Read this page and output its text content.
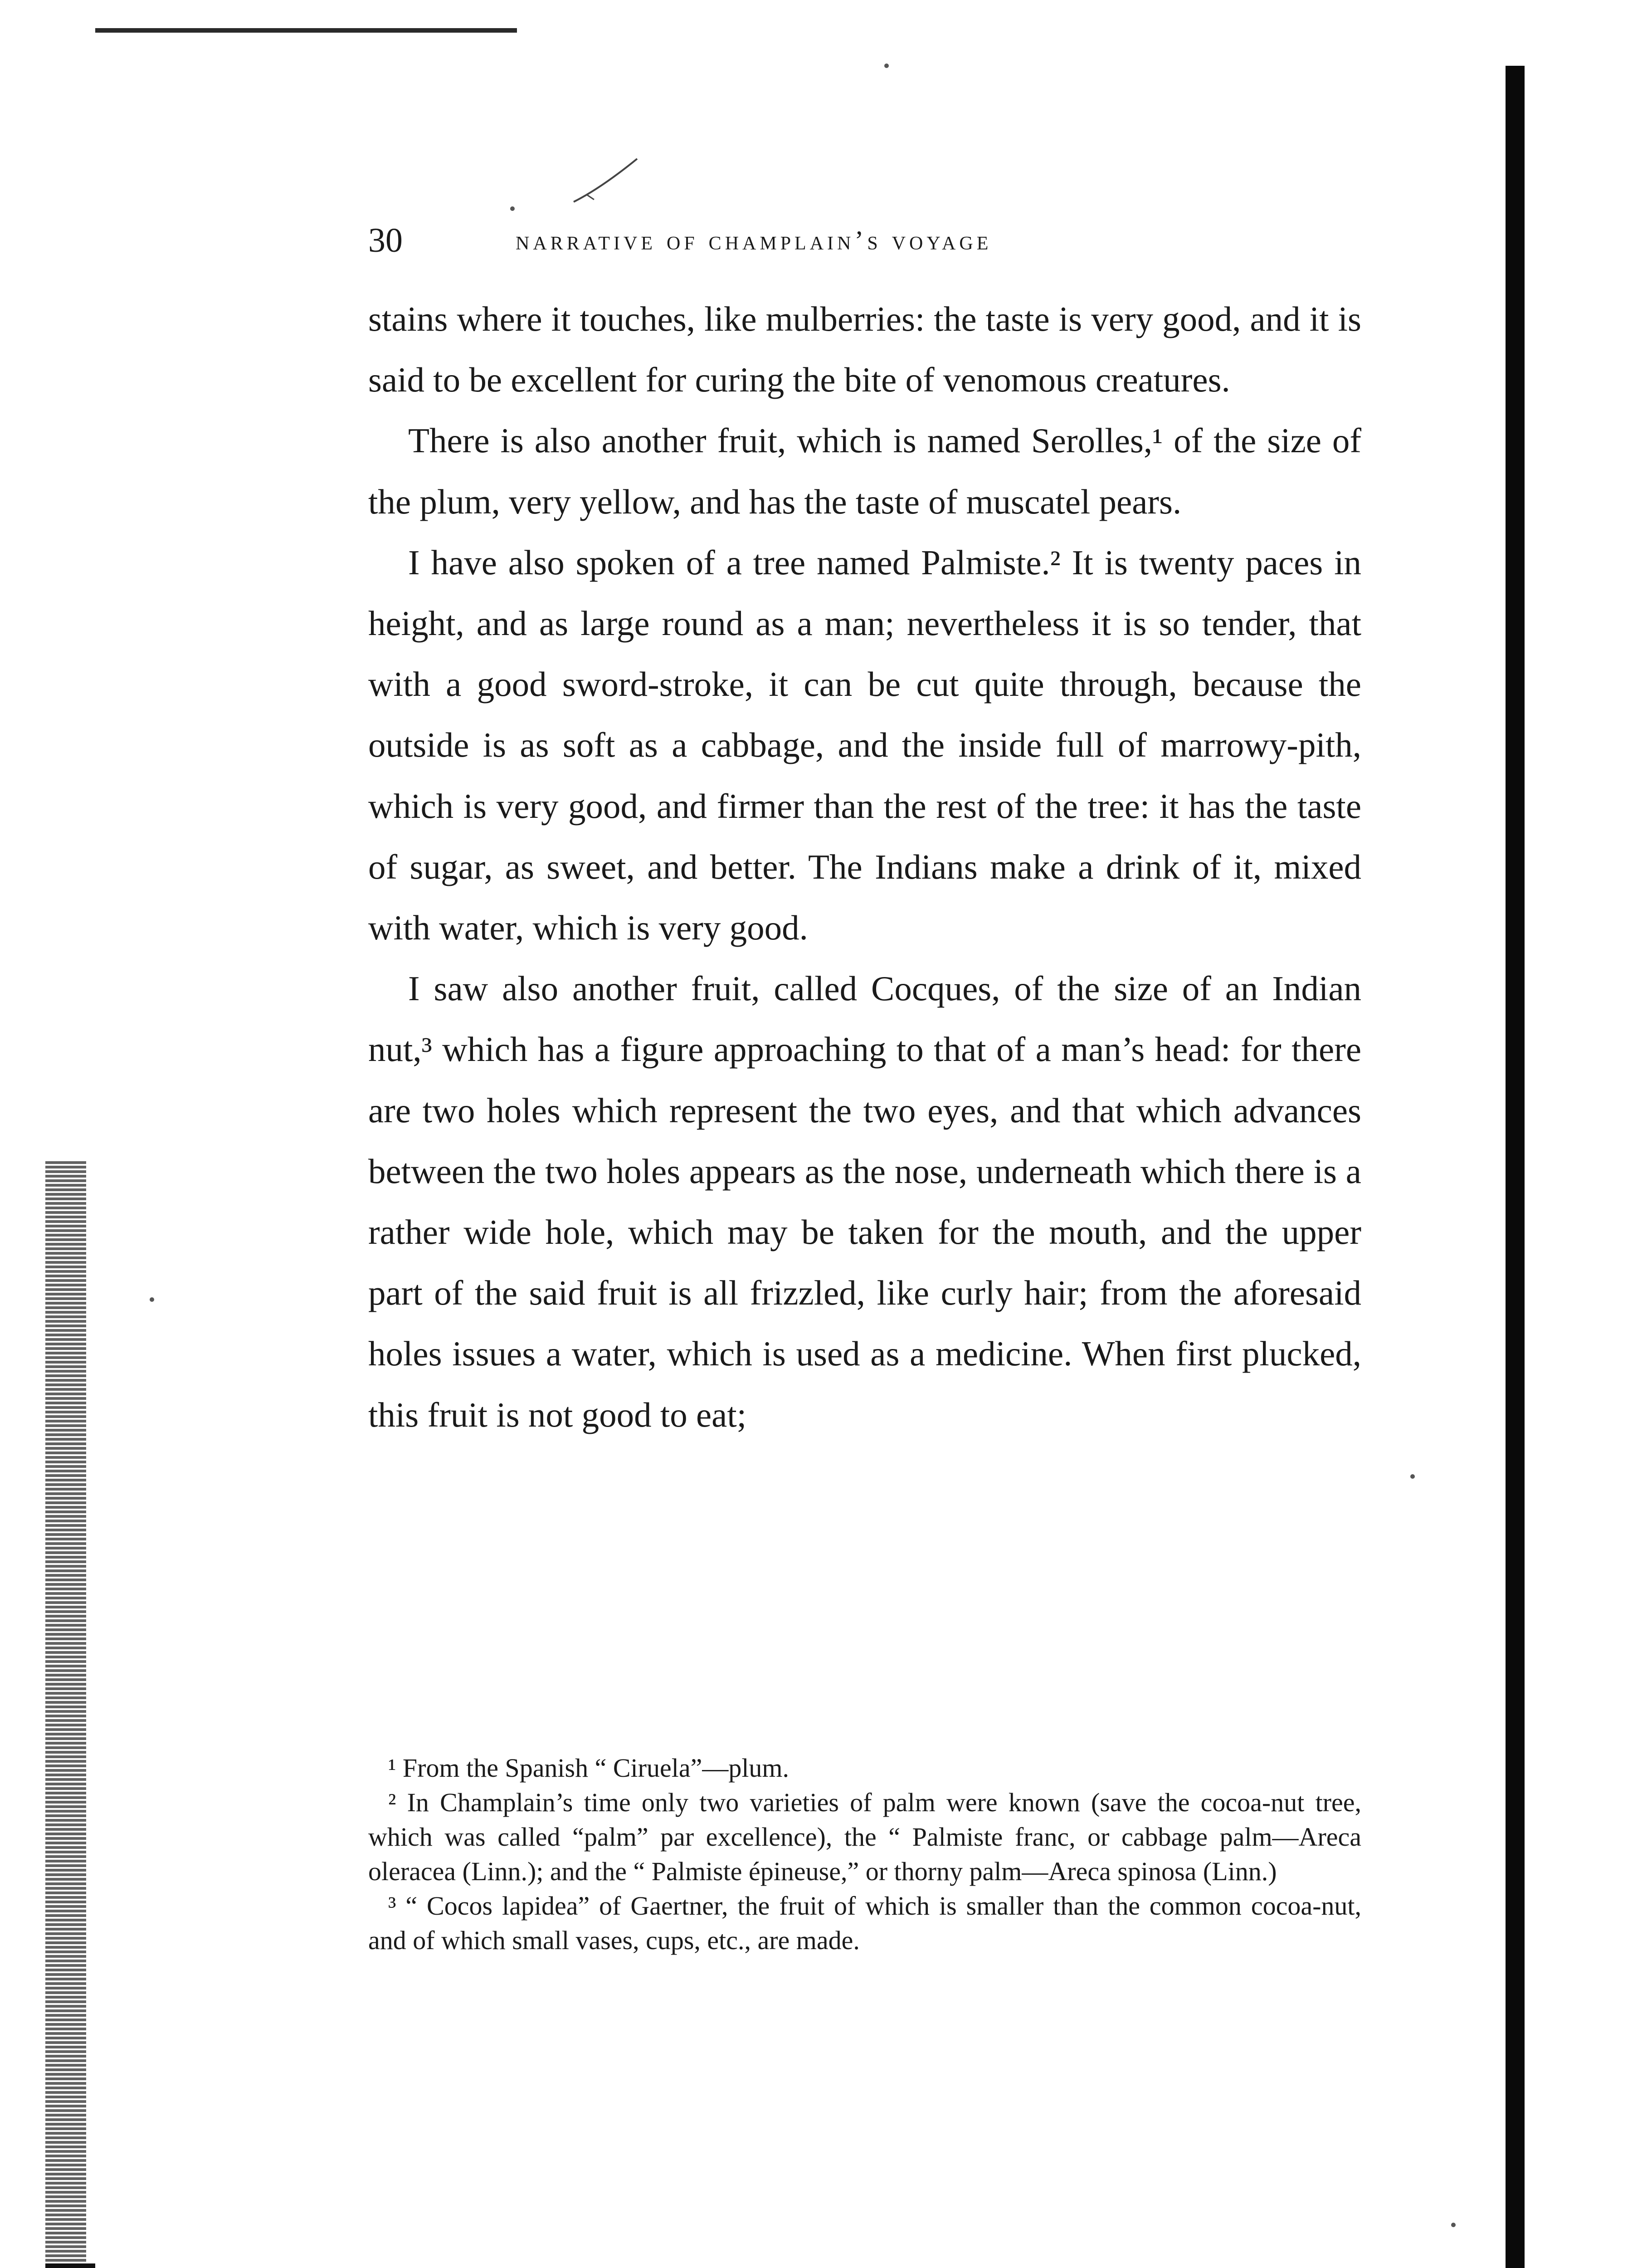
30	narrative of champlain’s voyage

stains where it touches, like mulberries: the taste is very good, and it is said to be excellent for curing the bite of venomous creatures.

There is also another fruit, which is named Serolles,¹ of the size of the plum, very yellow, and has the taste of muscatel pears.

I have also spoken of a tree named Palmiste.² It is twenty paces in height, and as large round as a man; nevertheless it is so tender, that with a good sword-stroke, it can be cut quite through, because the outside is as soft as a cabbage, and the inside full of marrowy-pith, which is very good, and firmer than the rest of the tree: it has the taste of sugar, as sweet, and better. The Indians make a drink of it, mixed with water, which is very good.

I saw also another fruit, called Cocques, of the size of an Indian nut,³ which has a figure approaching to that of a man’s head: for there are two holes which represent the two eyes, and that which advances between the two holes appears as the nose, underneath which there is a rather wide hole, which may be taken for the mouth, and the upper part of the said fruit is all frizzled, like curly hair; from the aforesaid holes issues a water, which is used as a medicine. When first plucked, this fruit is not good to eat;

¹ From the Spanish “ Ciruela”—plum.

² In Champlain’s time only two varieties of palm were known (save the cocoa-nut tree, which was called “palm” par excellence), the “ Palmiste franc, or cabbage palm—Areca oleracea (Linn.); and the “ Palmiste épineuse,” or thorny palm—Areca spinosa (Linn.)

³ “ Cocos lapidea” of Gaertner, the fruit of which is smaller than the common cocoa-nut, and of which small vases, cups, etc., are made.
